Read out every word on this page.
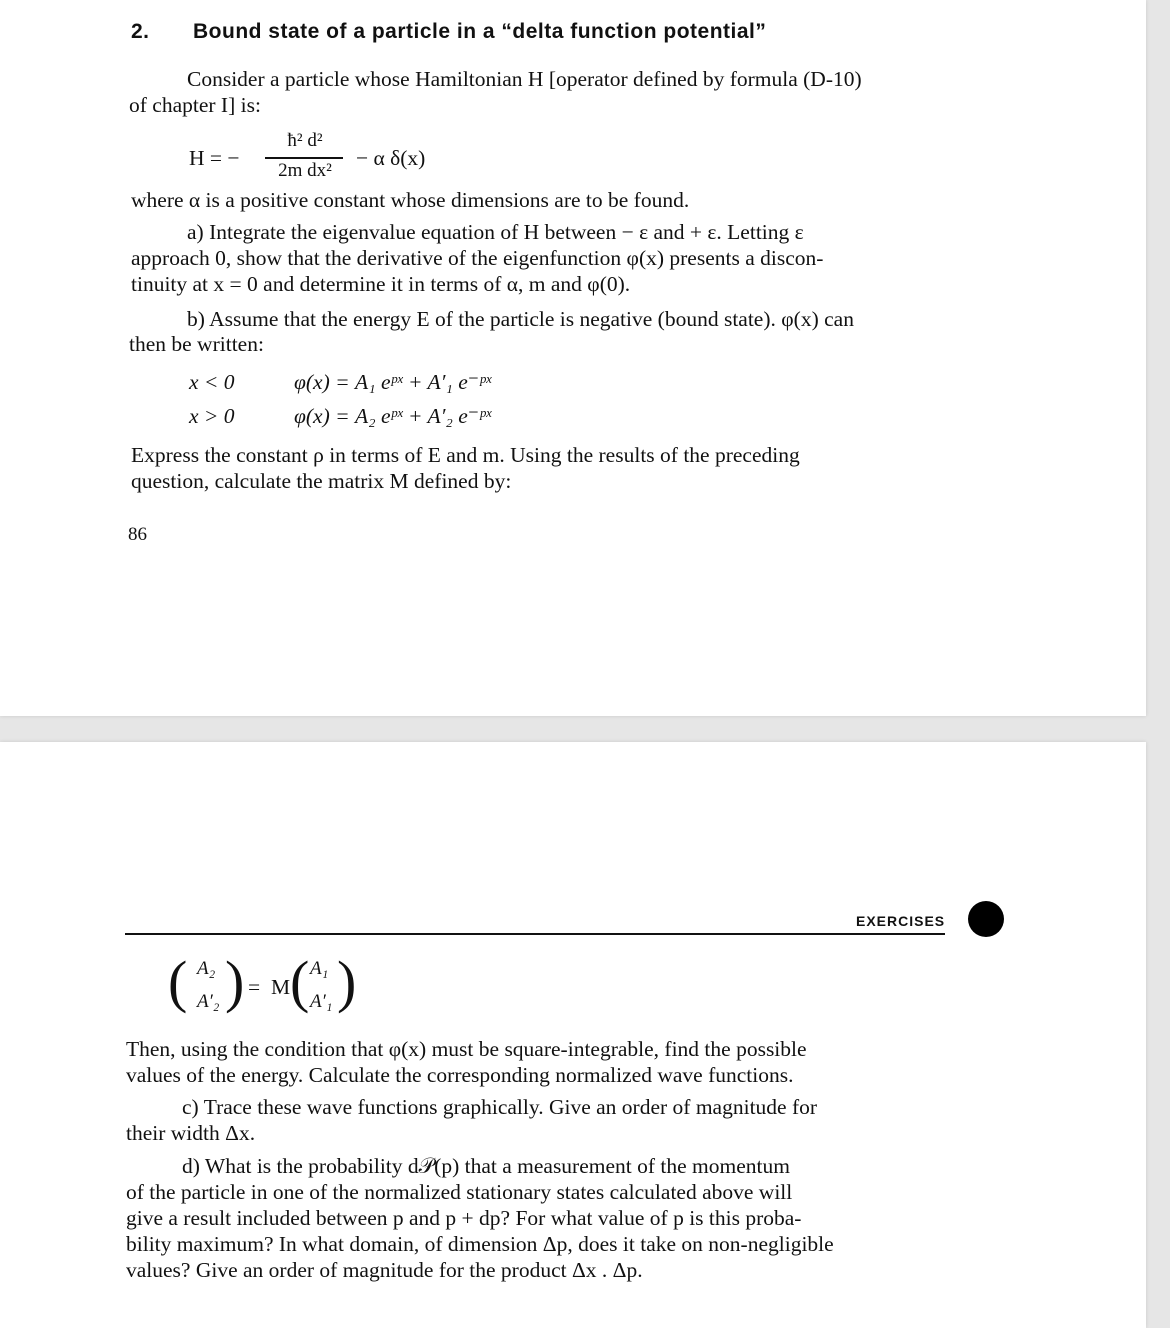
2. Bound state of a particle in a “delta function potential”
Consider a particle whose Hamiltonian H [operator defined by formula (D-10)
of chapter I] is:
H = −
ħ² d²
2m dx²
− α δ(x)
where α is a positive constant whose dimensions are to be found.
a) Integrate the eigenvalue equation of H between − ε and + ε. Letting ε
approach 0, show that the derivative of the eigenfunction φ(x) presents a discon-
tinuity at x = 0 and determine it in terms of α, m and φ(0).
b) Assume that the energy E of the particle is negative (bound state). φ(x) can
then be written:
x < 0	φ(x) = A₁ eᵖˣ + A′₁ e⁻ᵖˣ
x > 0	φ(x) = A₂ eᵖˣ + A′₂ e⁻ᵖˣ
Express the constant ρ in terms of E and m. Using the results of the preceding
question, calculate the matrix M defined by:
86
EXERCISES
( A₂
A′₂ ) = M ( A₁
A′₁ )
Then, using the condition that φ(x) must be square-integrable, find the possible
values of the energy. Calculate the corresponding normalized wave functions.
c) Trace these wave functions graphically. Give an order of magnitude for
their width Δx.
d) What is the probability d𝒫(p) that a measurement of the momentum
of the particle in one of the normalized stationary states calculated above will
give a result included between p and p + dp? For what value of p is this proba-
bility maximum? In what domain, of dimension Δp, does it take on non-negligible
values? Give an order of magnitude for the product Δx . Δp.
